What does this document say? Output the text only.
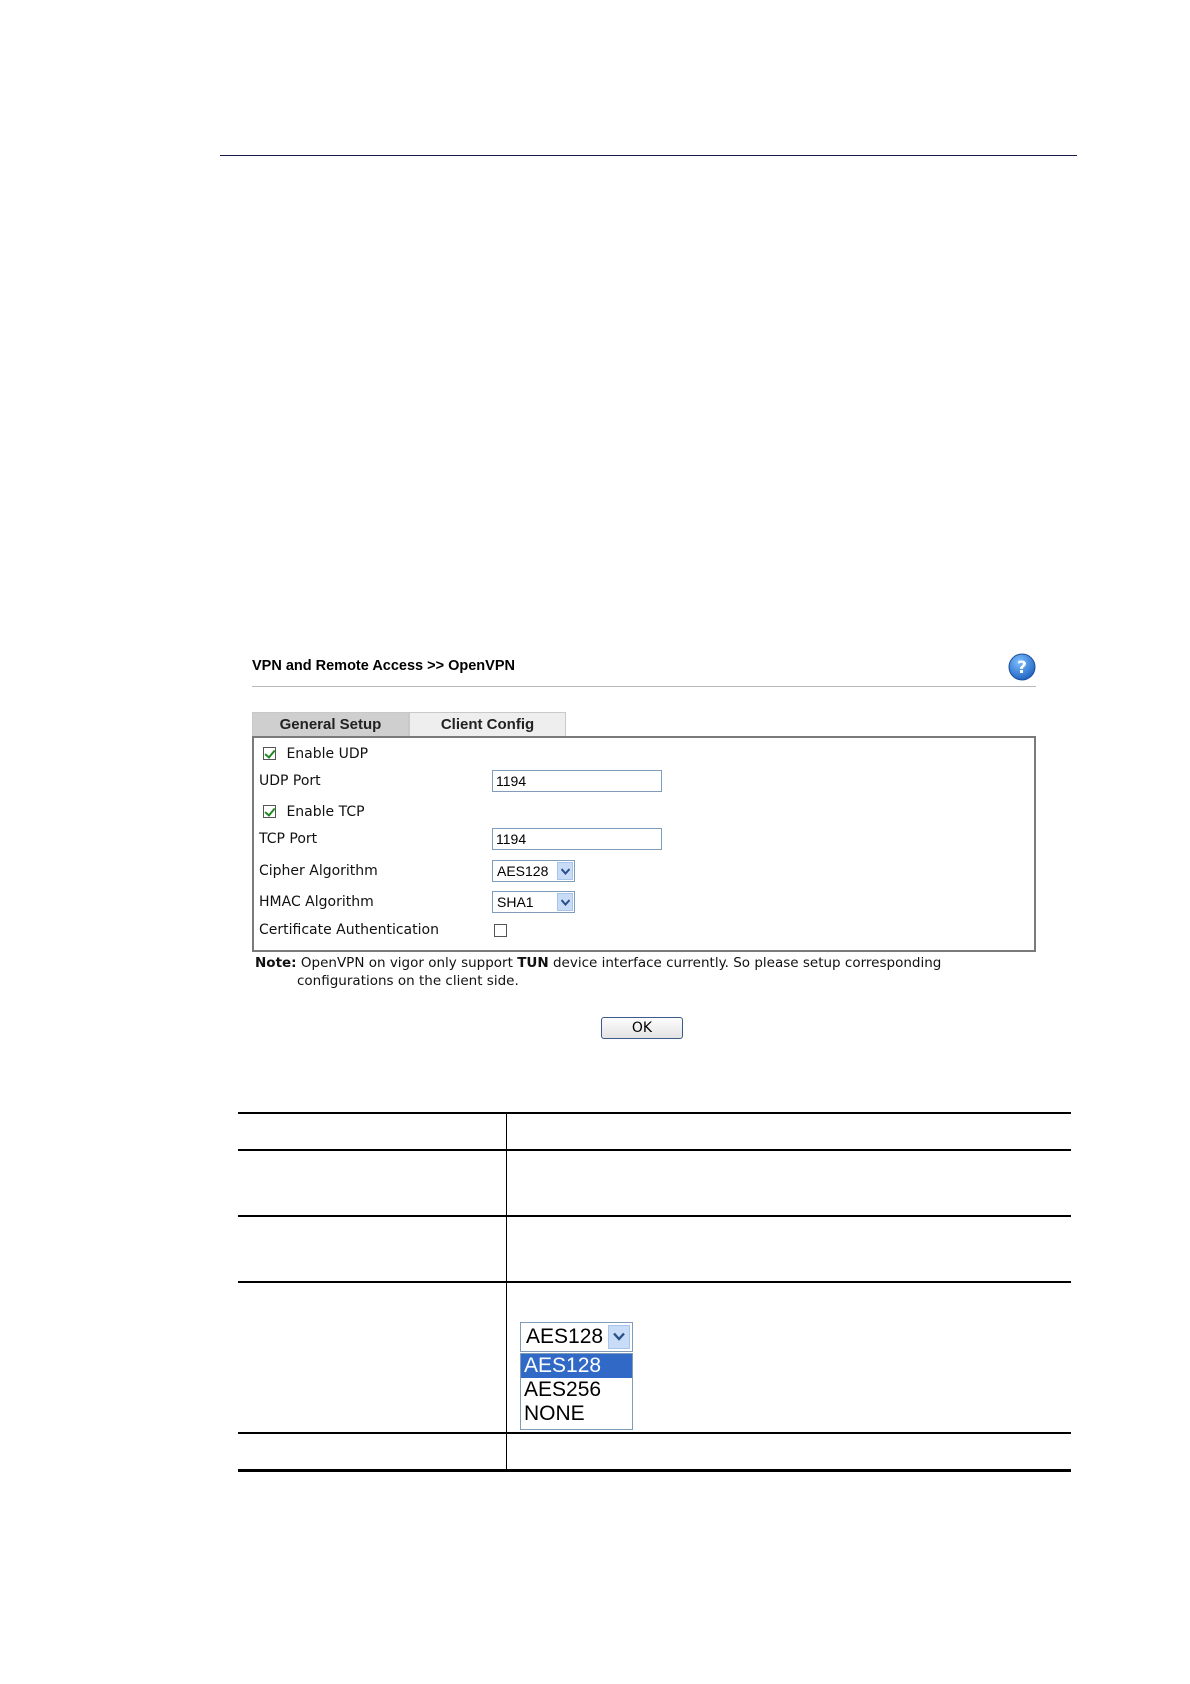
VPN and Remote Access >> OpenVPN	?
General Setup	Client Config
Enable UDP
UDP Port	1194
Enable TCP
TCP Port	1194
Cipher Algorithm	AES128
HMAC Algorithm	SHA1
Certificate Authentication
Note: OpenVPN on vigor only support TUN device interface currently. So please setup corresponding
configurations on the client side.
OK
AES128
AES128
AES256
NONE
